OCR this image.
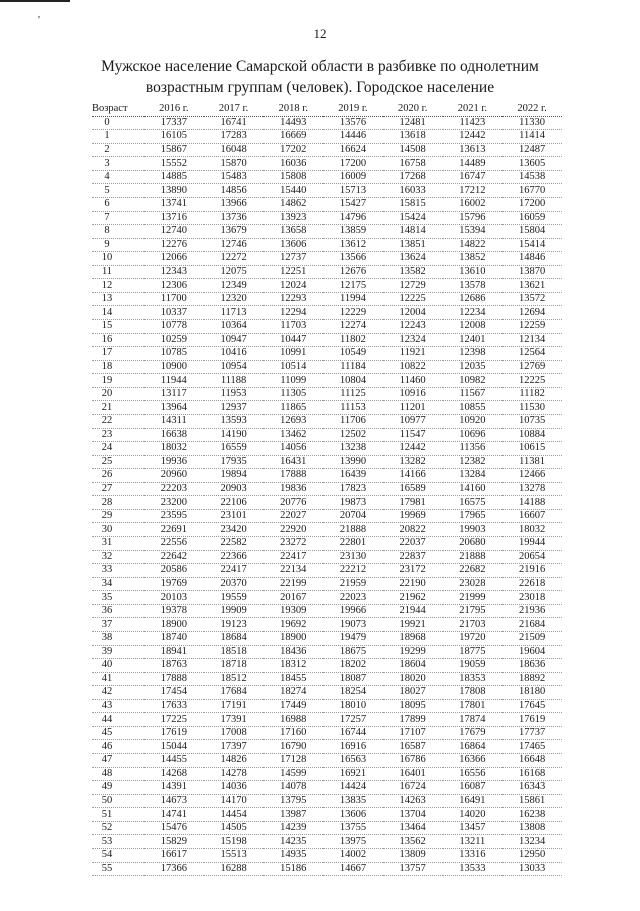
'
12
Мужское население Самарской области в разбивке по однолетним
возрастным группам (человек). Городское население
Возраст	2016 г.	2017 г.	2018 г.	2019 г.	2020 г.	2021 г.	2022 г.
0	17337	16741	14493	13576	12481	11423	11330
1	16105	17283	16669	14446	13618	12442	11414
2	15867	16048	17202	16624	14508	13613	12487
3	15552	15870	16036	17200	16758	14489	13605
4	14885	15483	15808	16009	17268	16747	14538
5	13890	14856	15440	15713	16033	17212	16770
6	13741	13966	14862	15427	15815	16002	17200
7	13716	13736	13923	14796	15424	15796	16059
8	12740	13679	13658	13859	14814	15394	15804
9	12276	12746	13606	13612	13851	14822	15414
10	12066	12272	12737	13566	13624	13852	14846
11	12343	12075	12251	12676	13582	13610	13870
12	12306	12349	12024	12175	12729	13578	13621
13	11700	12320	12293	11994	12225	12686	13572
14	10337	11713	12294	12229	12004	12234	12694
15	10778	10364	11703	12274	12243	12008	12259
16	10259	10947	10447	11802	12324	12401	12134
17	10785	10416	10991	10549	11921	12398	12564
18	10900	10954	10514	11184	10822	12035	12769
19	11944	11188	11099	10804	11460	10982	12225
20	13117	11953	11305	11125	10916	11567	11182
21	13964	12937	11865	11153	11201	10855	11530
22	14311	13593	12693	11706	10977	10920	10735
23	16638	14190	13462	12502	11547	10696	10884
24	18032	16559	14056	13238	12442	11356	10615
25	19936	17935	16431	13990	13282	12382	11381
26	20960	19894	17888	16439	14166	13284	12466
27	22203	20903	19836	17823	16589	14160	13278
28	23200	22106	20776	19873	17981	16575	14188
29	23595	23101	22027	20704	19969	17965	16607
30	22691	23420	22920	21888	20822	19903	18032
31	22556	22582	23272	22801	22037	20680	19944
32	22642	22366	22417	23130	22837	21888	20654
33	20586	22417	22134	22212	23172	22682	21916
34	19769	20370	22199	21959	22190	23028	22618
35	20103	19559	20167	22023	21962	21999	23018
36	19378	19909	19309	19966	21944	21795	21936
37	18900	19123	19692	19073	19921	21703	21684
38	18740	18684	18900	19479	18968	19720	21509
39	18941	18518	18436	18675	19299	18775	19604
40	18763	18718	18312	18202	18604	19059	18636
41	17888	18512	18455	18087	18020	18353	18892
42	17454	17684	18274	18254	18027	17808	18180
43	17633	17191	17449	18010	18095	17801	17645
44	17225	17391	16988	17257	17899	17874	17619
45	17619	17008	17160	16744	17107	17679	17737
46	15044	17397	16790	16916	16587	16864	17465
47	14455	14826	17128	16563	16786	16366	16648
48	14268	14278	14599	16921	16401	16556	16168
49	14391	14036	14078	14424	16724	16087	16343
50	14673	14170	13795	13835	14263	16491	15861
51	14741	14454	13987	13606	13704	14020	16238
52	15476	14505	14239	13755	13464	13457	13808
53	15829	15198	14235	13975	13562	13211	13234
54	16617	15513	14935	14002	13809	13316	12950
55	17366	16288	15186	14667	13757	13533	13033
